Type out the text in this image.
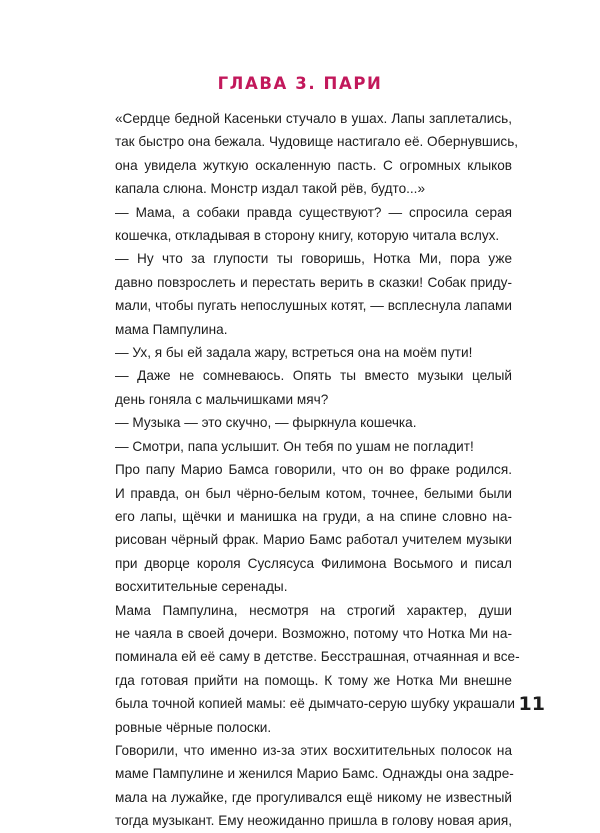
ГЛАВА 3. ПАРИ

«Сердце бедной Касеньки стучало в ушах. Лапы заплетались,
так быстро она бежала. Чудовище настигало её. Обернувшись,
она увидела жуткую оскаленную пасть. С огромных клыков
капала слюна. Монстр издал такой рёв, будто...»

— Мама, а собаки правда существуют? — спросила серая
кошечка, откладывая в сторону книгу, которую читала вслух.

— Ну что за глупости ты говоришь, Нотка Ми, пора уже
давно повзрослеть и перестать верить в сказки! Собак приду-
мали, чтобы пугать непослушных котят, — всплеснула лапами
мама Пампулина.

— Ух, я бы ей задала жару, встреться она на моём пути!

— Даже не сомневаюсь. Опять ты вместо музыки целый
день гоняла с мальчишками мяч?

— Музыка — это скучно, — фыркнула кошечка.

— Смотри, папа услышит. Он тебя по ушам не погладит!

Про папу Марио Бамса говорили, что он во фраке родился.
И правда, он был чёрно-белым котом, точнее, белыми были
его лапы, щёчки и манишка на груди, а на спине словно на-
рисован чёрный фрак. Марио Бамс работал учителем музыки
при дворце короля Суслясуса Филимона Восьмого и писал
восхитительные серенады.

Мама Пампулина, несмотря на строгий характер, души
не чаяла в своей дочери. Возможно, потому что Нотка Ми на-
поминала ей её саму в детстве. Бесстрашная, отчаянная и все-
гда готовая прийти на помощь. К тому же Нотка Ми внешне
была точной копией мамы: её дымчато-серую шубку украшали
ровные чёрные полоски.

Говорили, что именно из-за этих восхитительных полосок на
маме Пампулине и женился Марио Бамс. Однажды она задре-
мала на лужайке, где прогуливался ещё никому не известный
тогда музыкант. Ему неожиданно пришла в голову новая ария,

11
